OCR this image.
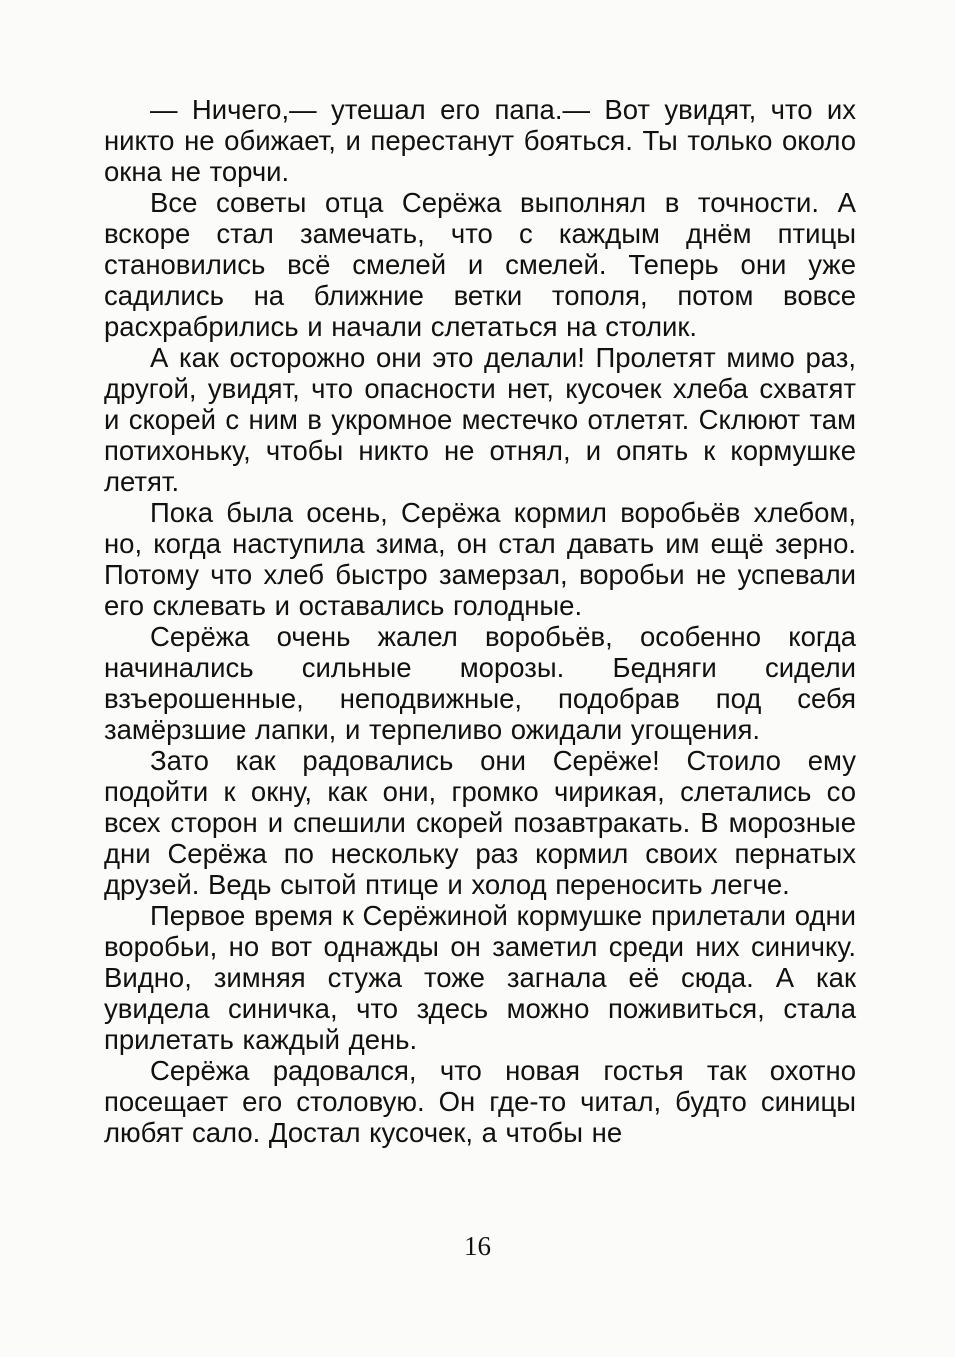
— Ничего,— утешал его папа.— Вот увидят, что их никто не обижает, и перестанут бояться. Ты только около окна не торчи.

Все советы отца Серёжа выполнял в точности. А вскоре стал замечать, что с каждым днём птицы становились всё смелей и смелей. Теперь они уже садились на ближние ветки тополя, потом вовсе расхрабрились и начали слетаться на столик.

А как осторожно они это делали! Пролетят мимо раз, другой, увидят, что опасности нет, кусочек хлеба схватят и скорей с ним в укромное местечко отлетят. Склюют там потихоньку, чтобы никто не отнял, и опять к кормушке летят.

Пока была осень, Серёжа кормил воробьёв хлебом, но, когда наступила зима, он стал давать им ещё зерно. Потому что хлеб быстро замерзал, воробьи не успевали его склевать и оставались голодные.

Серёжа очень жалел воробьёв, особенно когда начинались сильные морозы. Бедняги сидели взъерошенные, неподвижные, подобрав под себя замёрзшие лапки, и терпеливо ожидали угощения.

Зато как радовались они Серёже! Стоило ему подойти к окну, как они, громко чирикая, слетались со всех сторон и спешили скорей позавтракать. В морозные дни Серёжа по нескольку раз кормил своих пернатых друзей. Ведь сытой птице и холод переносить легче.

Первое время к Серёжиной кормушке прилетали одни воробьи, но вот однажды он заметил среди них синичку. Видно, зимняя стужа тоже загнала её сюда. А как увидела синичка, что здесь можно поживиться, стала прилетать каждый день.

Серёжа радовался, что новая гостья так охотно посещает его столовую. Он где-то читал, будто синицы любят сало. Достал кусочек, а чтобы не

16
